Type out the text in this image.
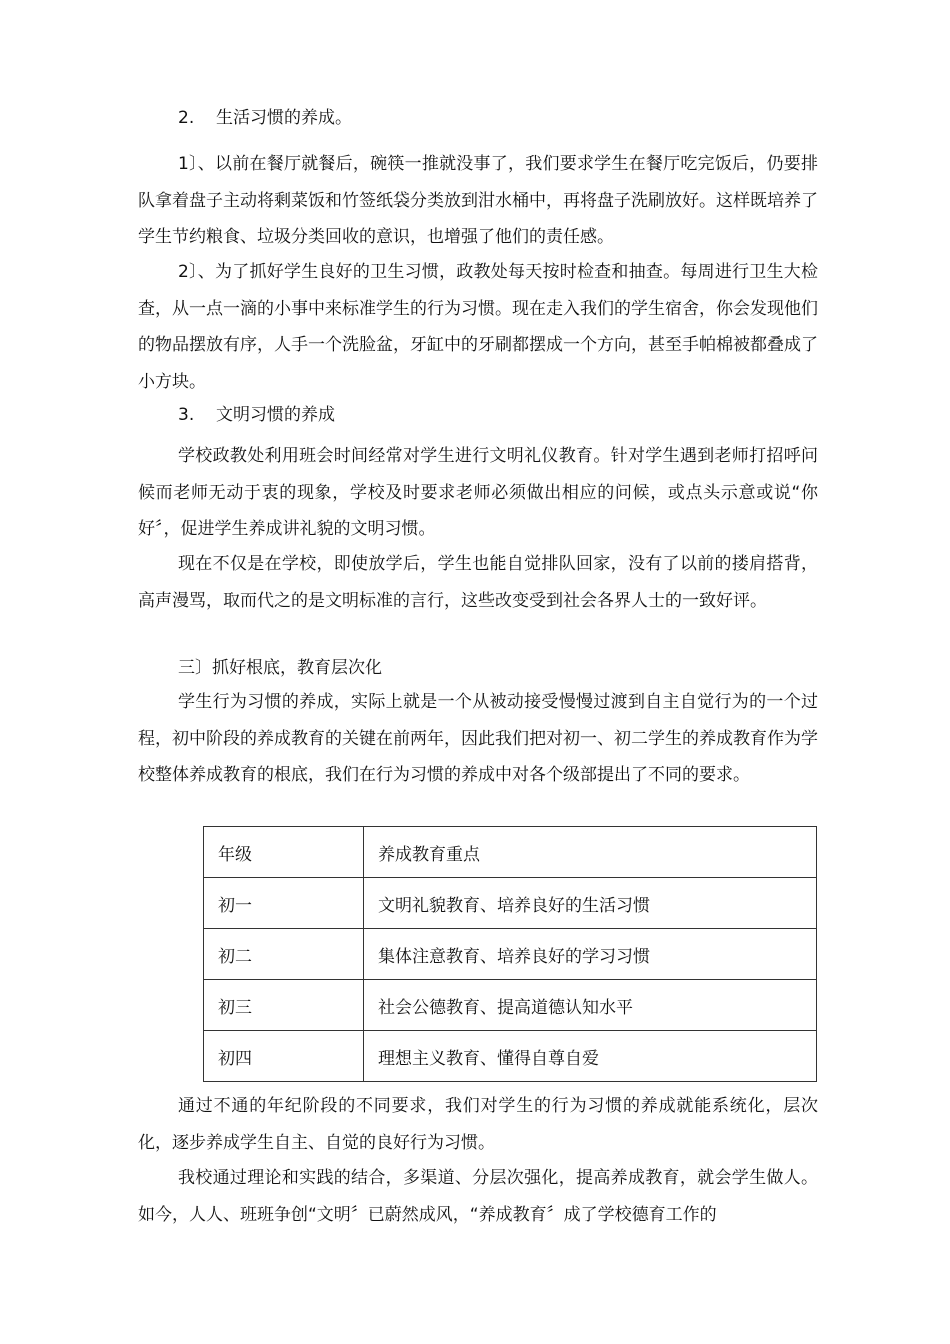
2. 生活习惯的养成。

1〕、以前在餐厅就餐后，碗筷一推就没事了，我们要求学生在餐厅吃完饭后，仍要排队拿着盘子主动将剩菜饭和竹签纸袋分类放到泔水桶中，再将盘子洗刷放好。这样既培养了学生节约粮食、垃圾分类回收的意识，也增强了他们的责任感。

2〕、为了抓好学生良好的卫生习惯，政教处每天按时检查和抽查。每周进行卫生大检查，从一点一滴的小事中来标准学生的行为习惯。现在走入我们的学生宿舍，你会发现他们的物品摆放有序，人手一个洗脸盆，牙缸中的牙刷都摆成一个方向，甚至手帕棉被都叠成了小方块。

3. 文明习惯的养成

学校政教处利用班会时间经常对学生进行文明礼仪教育。针对学生遇到老师打招呼问候而老师无动于衷的现象，学校及时要求老师必须做出相应的问候，或点头示意或说“你好〞，促进学生养成讲礼貌的文明习惯。

现在不仅是在学校，即使放学后，学生也能自觉排队回家，没有了以前的搂肩搭背，高声漫骂，取而代之的是文明标准的言行，这些改变受到社会各界人士的一致好评。

三〕抓好根底，教育层次化

学生行为习惯的养成，实际上就是一个从被动接受慢慢过渡到自主自觉行为的一个过程，初中阶段的养成教育的关键在前两年，因此我们把对初一、初二学生的养成教育作为学校整体养成教育的根底，我们在行为习惯的养成中对各个级部提出了不同的要求。

年级	养成教育重点
初一	文明礼貌教育、培养良好的生活习惯
初二	集体注意教育、培养良好的学习习惯
初三	社会公德教育、提高道德认知水平
初四	理想主义教育、懂得自尊自爱

通过不通的年纪阶段的不同要求，我们对学生的行为习惯的养成就能系统化，层次化，逐步养成学生自主、自觉的良好行为习惯。

我校通过理论和实践的结合，多渠道、分层次强化，提高养成教育，就会学生做人。如今，人人、班班争创“文明〞已蔚然成风，“养成教育〞成了学校德育工作的
